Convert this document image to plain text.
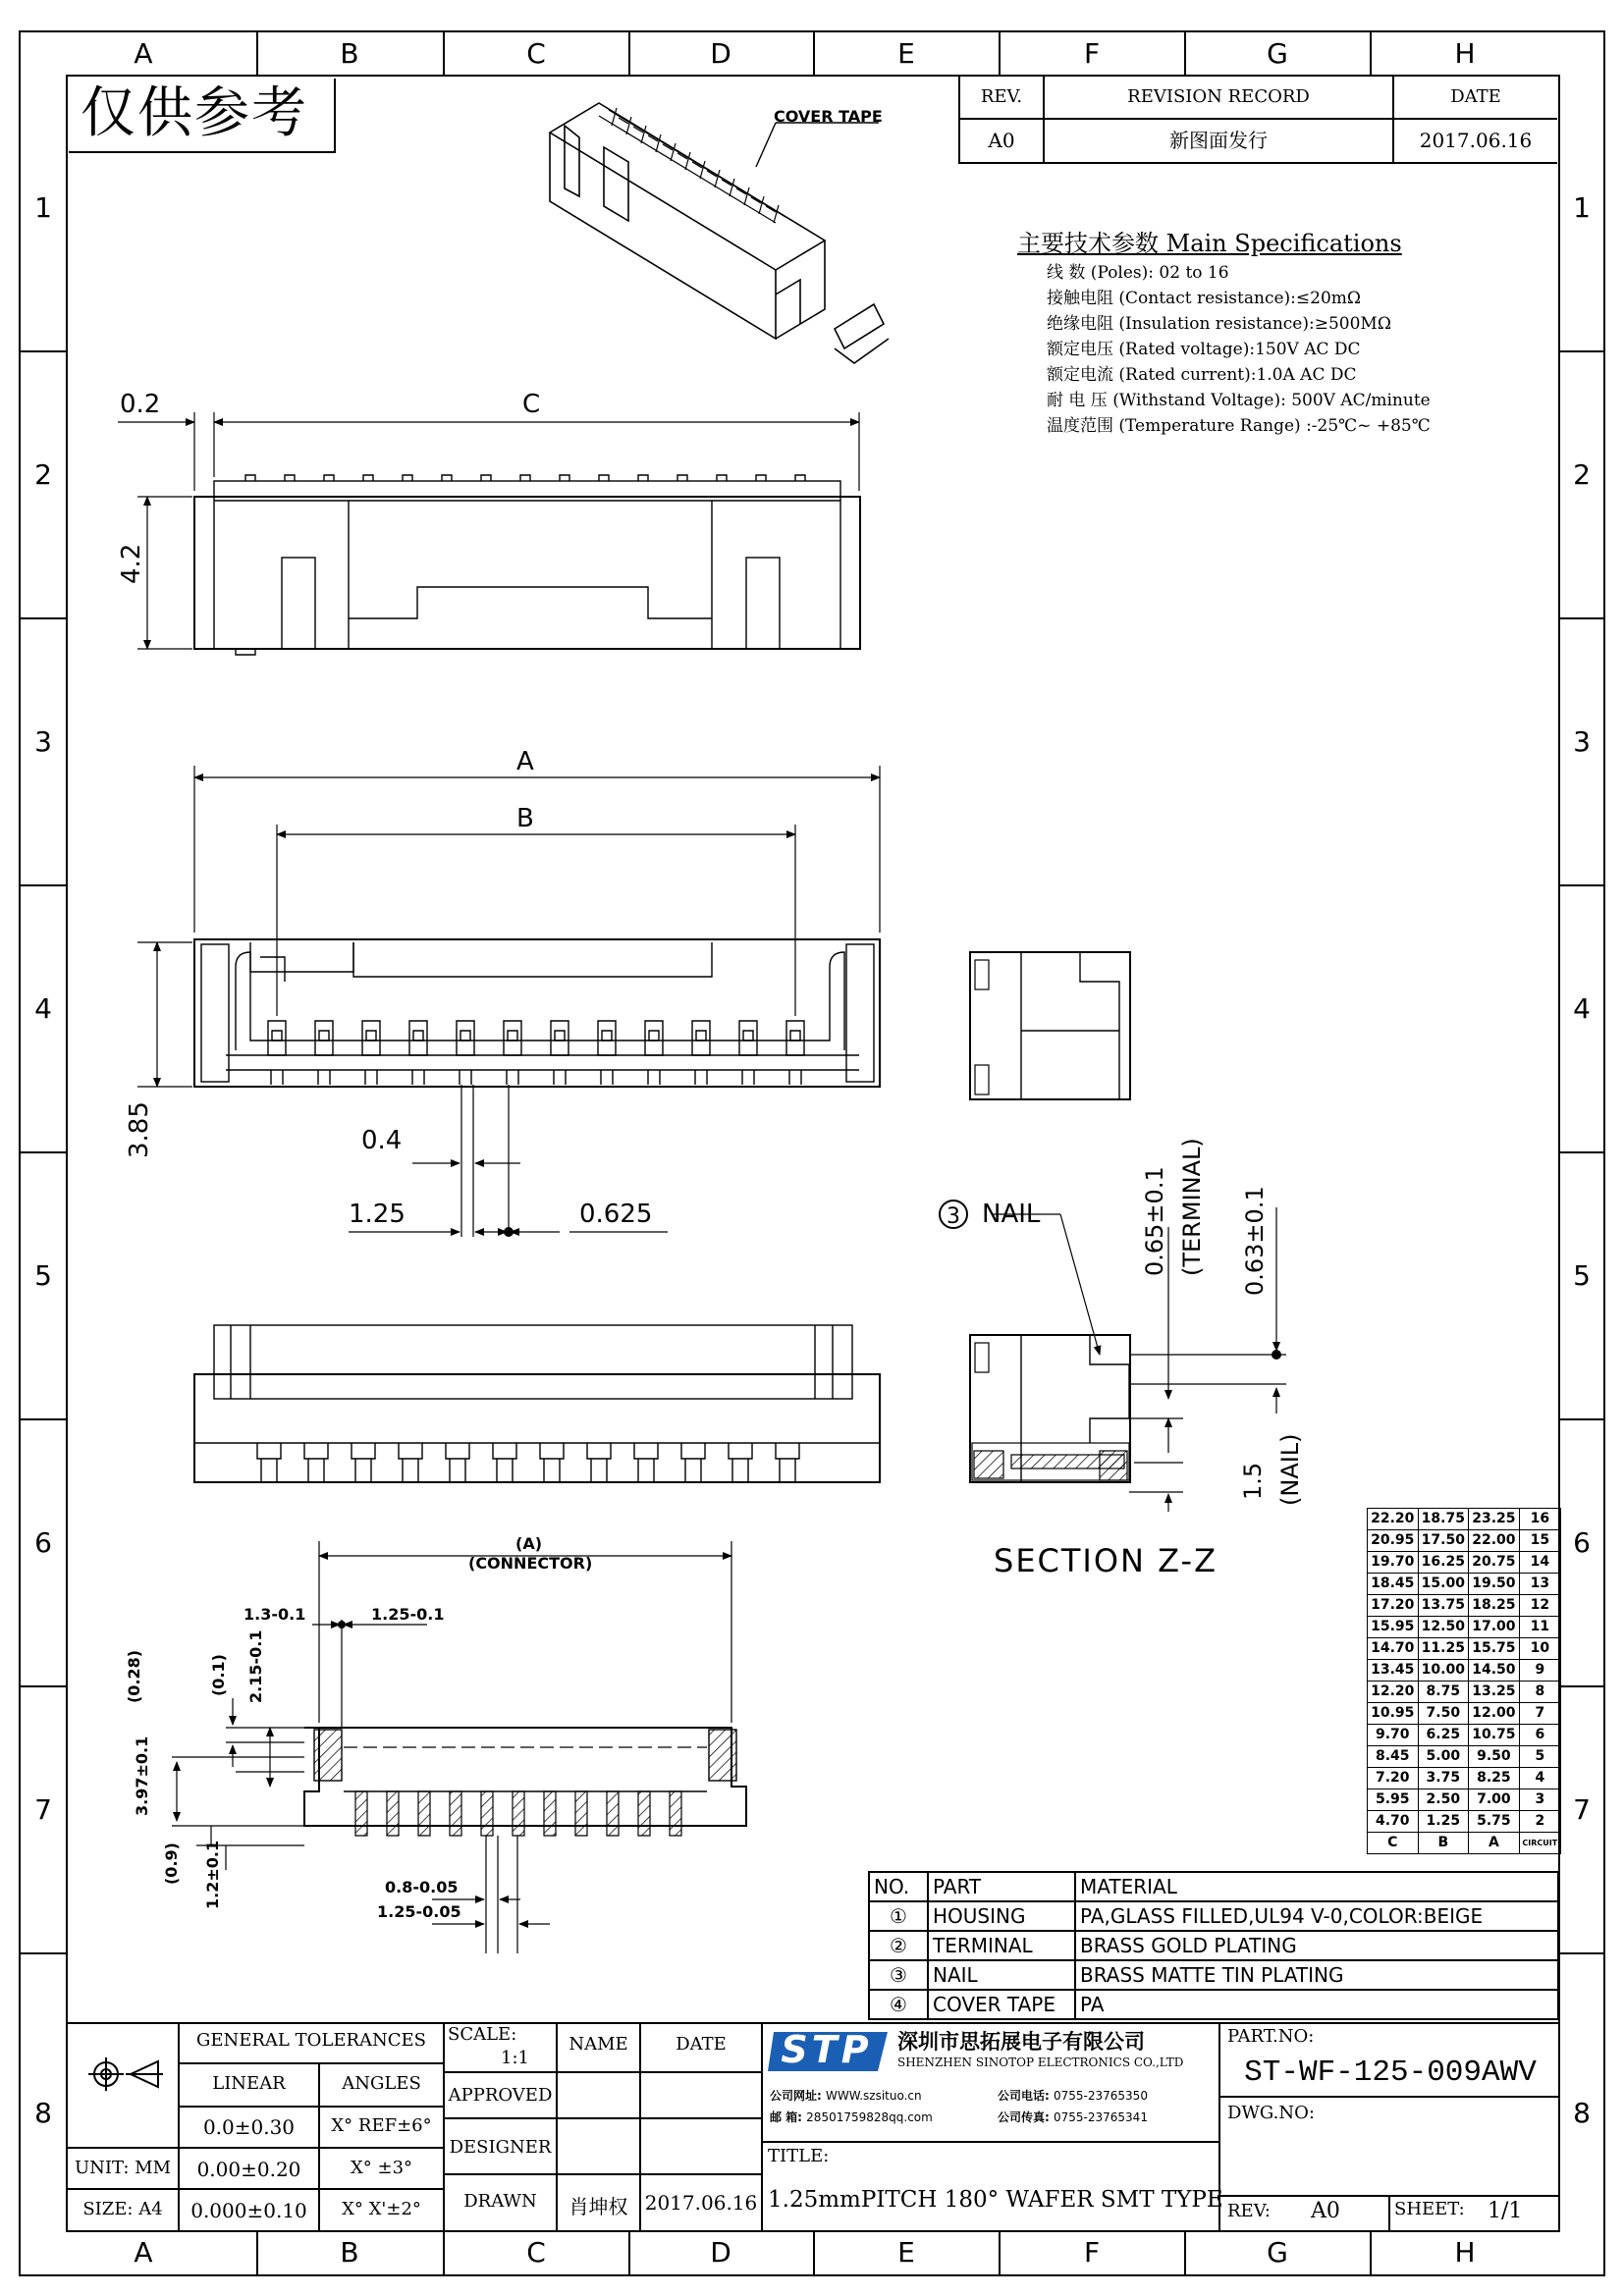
A	B	C	D	E	F	G	H
A	B	C	D	E	F	G	H
1
2
3
4
5
6
7
8
1
2
3
4
5
6
7
8
仅供参考	REV.	REVISION RECORD	DATE
A0	新图面发行	2017.06.16
主要技术参数 Main Specifications
线 数 (Poles): 02 to 16
接触电阻 (Contact resistance):≤20mΩ
绝缘电阻 (Insulation resistance):≥500MΩ
额定电压 (Rated voltage):150V AC DC
额定电流 (Rated current):1.0A AC DC
耐 电 压 (Withstand Voltage): 500V AC/minute
温度范围 (Temperature Range) :-25℃~ +85℃
COVER TAPE
0.2	C
4.2
A
B
3.85	0.4
1.25	0.625	3 NAIL	0.65±0.1 (TERMINAL) 0.63±0.1
1.5 (NAIL)
SECTION Z-Z
(A)
(CONNECTOR)
1.3-0.1	1.25-0.1
(0.28)	(0.1) 2.15-0.1
3.97±0.1
(0.9) 1.2±0.1	0.8-0.05
1.25-0.05
22.20	18.75	23.25	16
20.95	17.50	22.00	15
19.70	16.25	20.75	14
18.45	15.00	19.50	13
17.20	13.75	18.25	12
15.95	12.50	17.00	11
14.70	11.25	15.75	10
13.45	10.00	14.50	9
12.20	8.75	13.25	8
10.95	7.50	12.00	7
9.70	6.25	10.75	6
8.45	5.00	9.50	5
7.20	3.75	8.25	4
5.95	2.50	7.00	3
4.70	1.25	5.75	2
C	B	A	CIRCUIT
NO.	PART	MATERIAL
①	HOUSING	PA,GLASS FILLED,UL94 V-0,COLOR:BEIGE
②	TERMINAL	BRASS GOLD PLATING
③	NAIL	BRASS MATTE TIN PLATING
④	COVER TAPE	PA
GENERAL TOLERANCES
LINEAR	ANGLES
0.0±0.30	X° REF±6°
0.00±0.20	X° ±3°
0.000±0.10	X° X'±2°
UNIT: MM
SIZE: A4
SCALE:
1:1
NAME	DATE
APPROVED
DESIGNER
DRAWN	肖坤权 2017.06.16
STP	深圳市思拓展电子有限公司
SHENZHEN SINOTOP ELECTRONICS CO.,LTD
公司网址: WWW.szsituo.cn	公司电话: 0755-23765350
邮 箱: 28501759828qq.com	公司传真: 0755-23765341
TITLE:
1.25mmPITCH 180° WAFER SMT TYPE
PART.NO:
ST-WF-125-009AWV
DWG.NO:
REV: A0	SHEET: 1/1
